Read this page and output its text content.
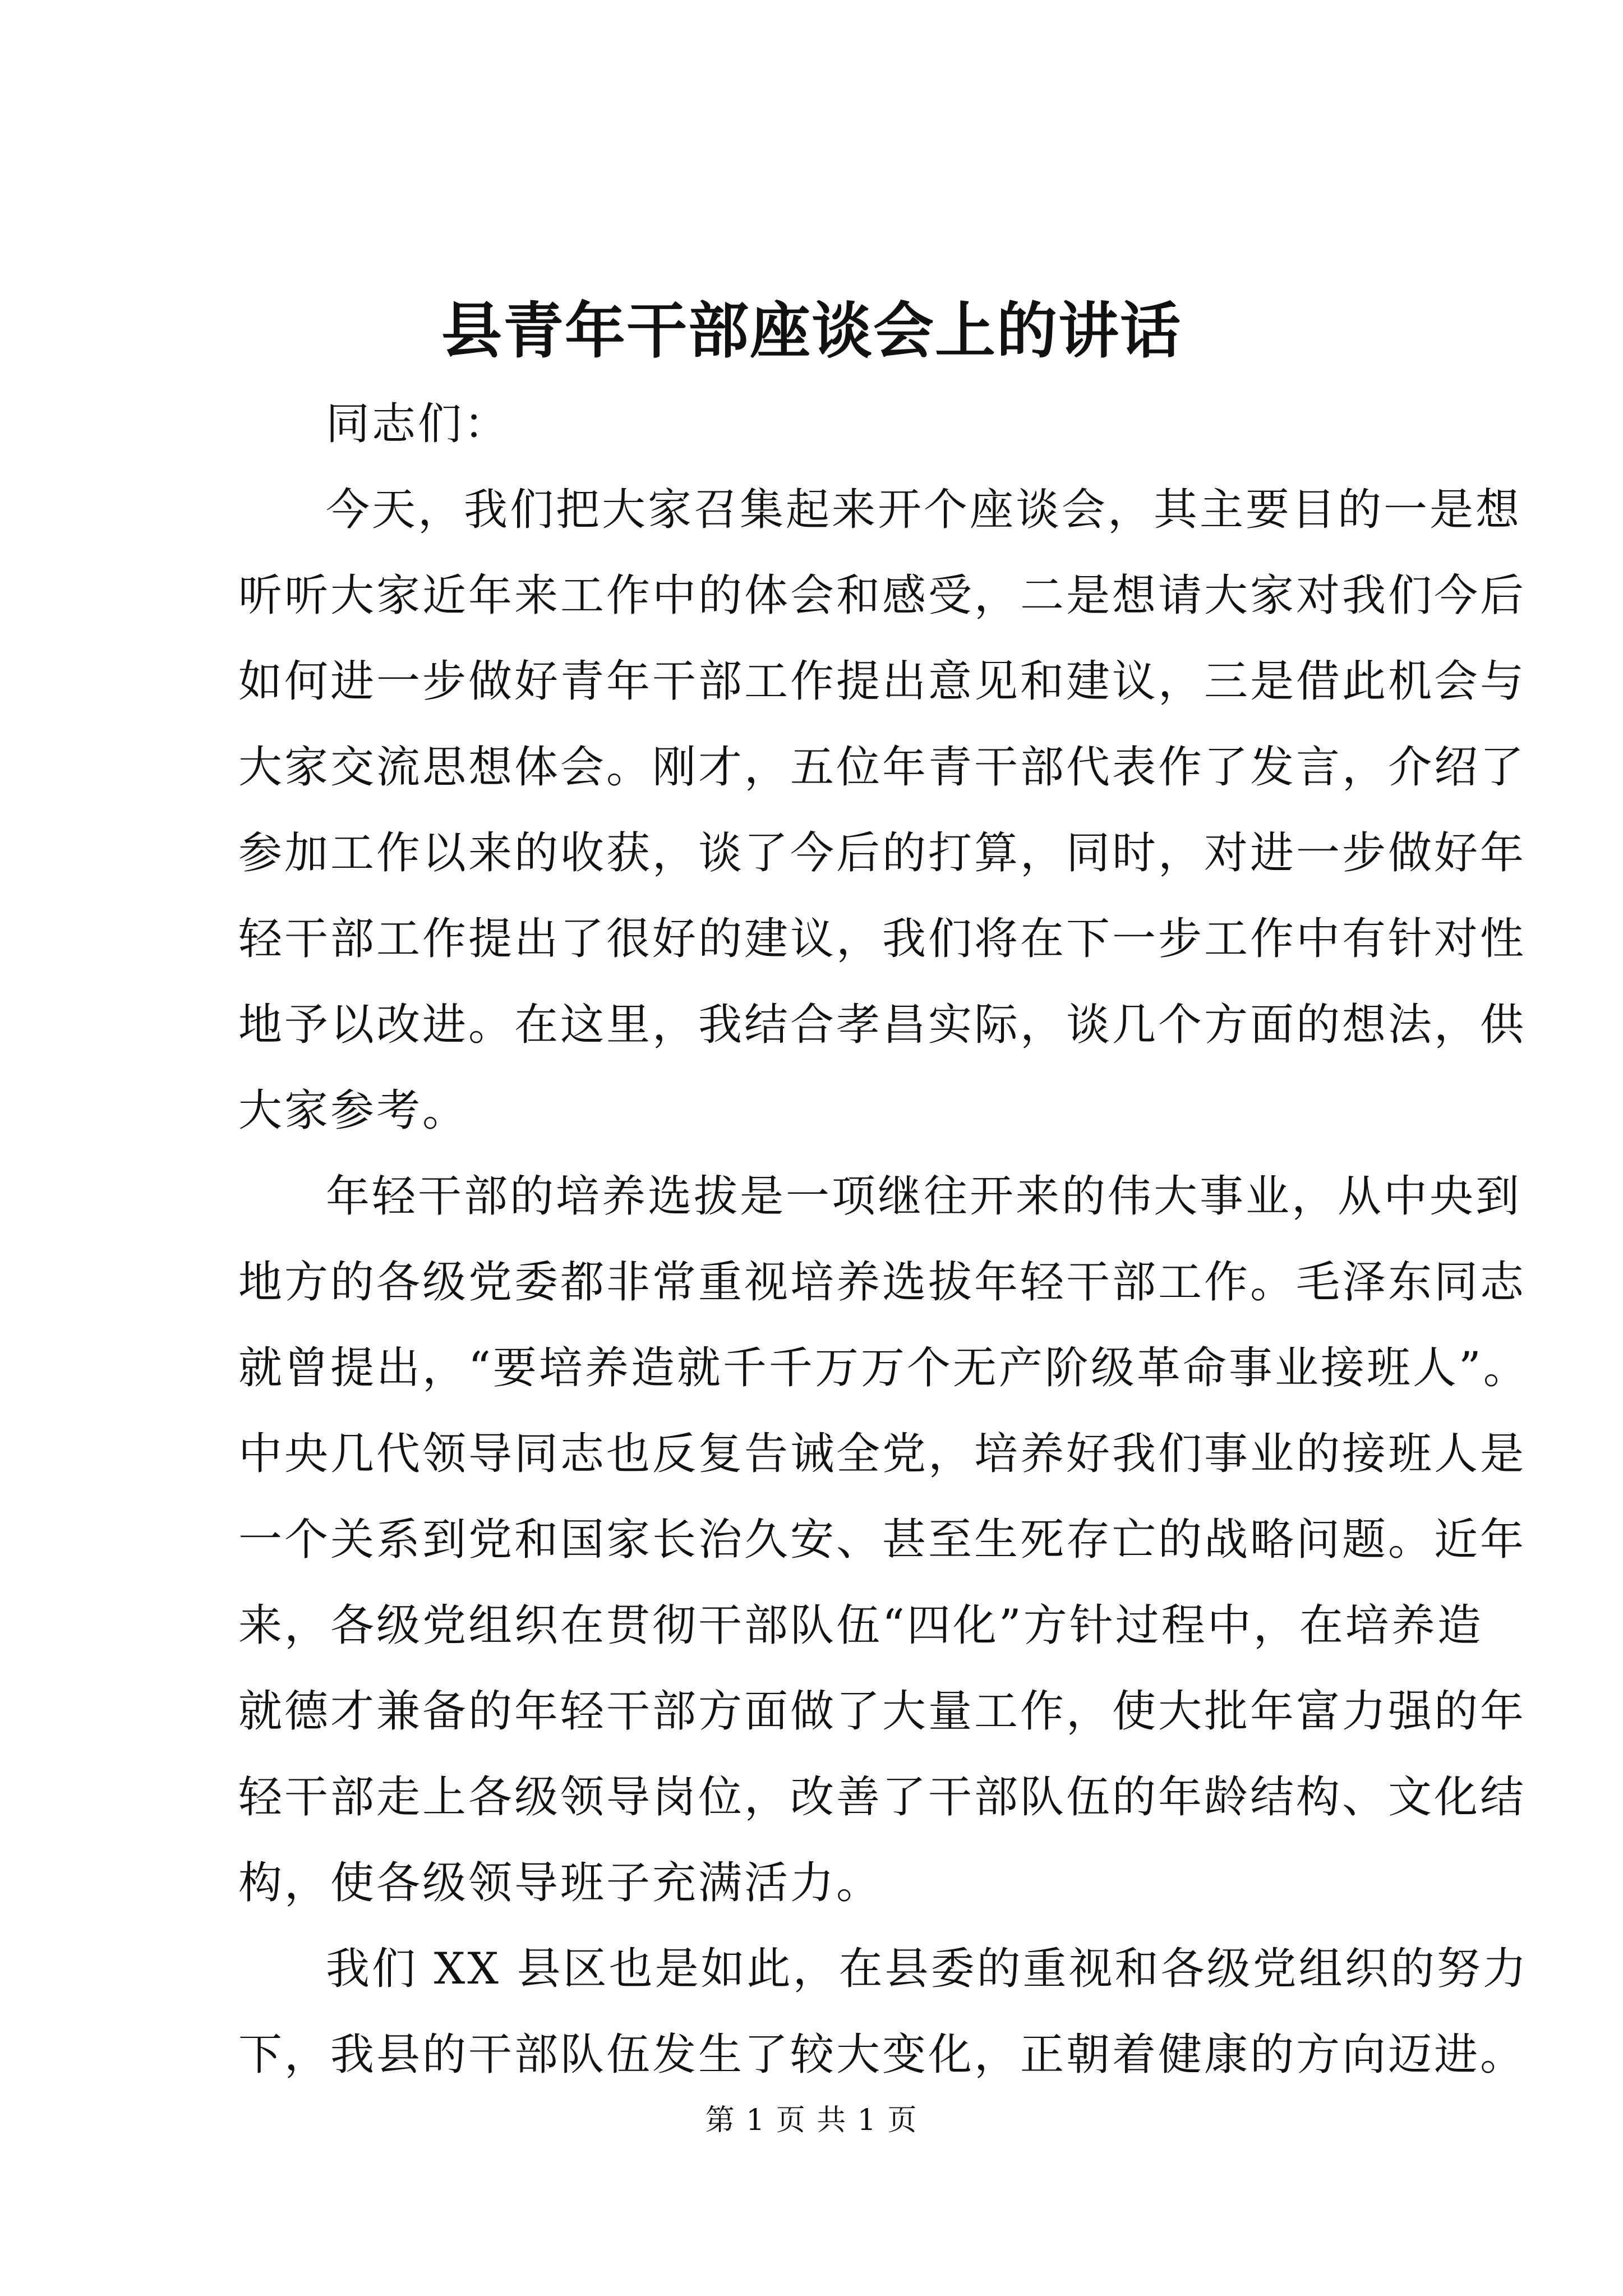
县青年干部座谈会上的讲话
同志们：
今天，我们把大家召集起来开个座谈会，其主要目的一是想
听听大家近年来工作中的体会和感受，二是想请大家对我们今后
如何进一步做好青年干部工作提出意见和建议，三是借此机会与
大家交流思想体会。刚才，五位年青干部代表作了发言，介绍了
参加工作以来的收获，谈了今后的打算，同时，对进一步做好年
轻干部工作提出了很好的建议，我们将在下一步工作中有针对性
地予以改进。在这里，我结合孝昌实际，谈几个方面的想法，供
大家参考。
年轻干部的培养选拔是一项继往开来的伟大事业，从中央到
地方的各级党委都非常重视培养选拔年轻干部工作。毛泽东同志
就曾提出，“要培养造就千千万万个无产阶级革命事业接班人”。
中央几代领导同志也反复告诫全党，培养好我们事业的接班人是
一个关系到党和国家长治久安、甚至生死存亡的战略问题。近年
来，各级党组织在贯彻干部队伍“四化”方针过程中，在培养造
就德才兼备的年轻干部方面做了大量工作，使大批年富力强的年
轻干部走上各级领导岗位，改善了干部队伍的年龄结构、文化结
构，使各级领导班子充满活力。
我们 XX 县区也是如此，在县委的重视和各级党组织的努力
下，我县的干部队伍发生了较大变化，正朝着健康的方向迈进。
第 1 页 共 1 页
